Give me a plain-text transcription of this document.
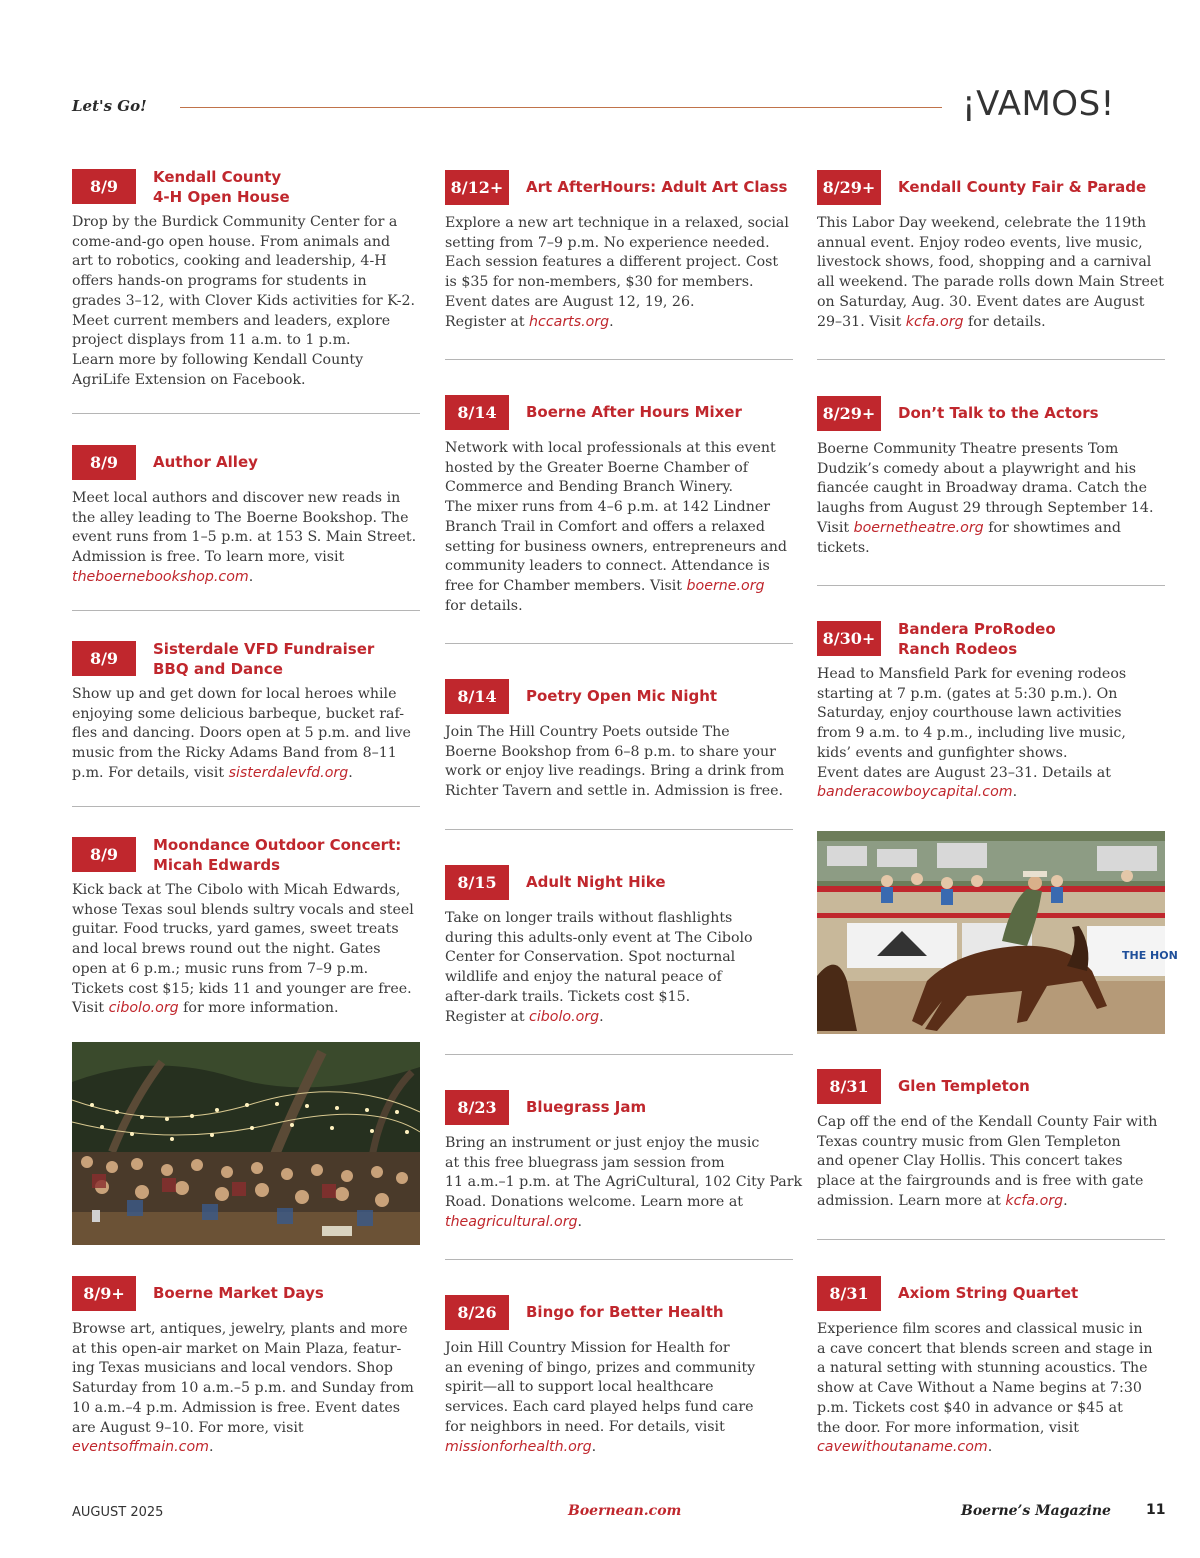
Let's Go!	¡VAMOS!
8/9	Kendall County
4-H Open House
Drop by the Burdick Community Center for a
come-and-go open house. From animals and
art to robotics, cooking and leadership, 4-H
offers hands-on programs for students in
grades 3–12, with Clover Kids activities for K-2.
Meet current members and leaders, explore
project displays from 11 a.m. to 1 p.m.
Learn more by following Kendall County
AgriLife Extension on Facebook.
8/9	Author Alley
Meet local authors and discover new reads in
the alley leading to The Boerne Bookshop. The
event runs from 1–5 p.m. at 153 S. Main Street.
Admission is free. To learn more, visit
theboernebookshop.com.
8/9	Sisterdale VFD Fundraiser
BBQ and Dance
Show up and get down for local heroes while
enjoying some delicious barbeque, bucket raf-
fles and dancing. Doors open at 5 p.m. and live
music from the Ricky Adams Band from 8–11
p.m. For details, visit sisterdalevfd.org.
8/9	Moondance Outdoor Concert:
Micah Edwards
Kick back at The Cibolo with Micah Edwards,
whose Texas soul blends sultry vocals and steel
guitar. Food trucks, yard games, sweet treats
and local brews round out the night. Gates
open at 6 p.m.; music runs from 7–9 p.m.
Tickets cost $15; kids 11 and younger are free.
Visit cibolo.org for more information.
8/9+	Boerne Market Days
Browse art, antiques, jewelry, plants and more
at this open-air market on Main Plaza, featur-
ing Texas musicians and local vendors. Shop
Saturday from 10 a.m.–5 p.m. and Sunday from
10 a.m.–4 p.m. Admission is free. Event dates
are August 9–10. For more, visit
eventsoffmain.com.
8/12+	Art AfterHours: Adult Art Class
Explore a new art technique in a relaxed, social
setting from 7–9 p.m. No experience needed.
Each session features a different project. Cost
is $35 for non-members, $30 for members.
Event dates are August 12, 19, 26.
Register at hccarts.org.
8/14	Boerne After Hours Mixer
Network with local professionals at this event
hosted by the Greater Boerne Chamber of
Commerce and Bending Branch Winery.
The mixer runs from 4–6 p.m. at 142 Lindner
Branch Trail in Comfort and offers a relaxed
setting for business owners, entrepreneurs and
community leaders to connect. Attendance is
free for Chamber members. Visit boerne.org
for details.
8/14	Poetry Open Mic Night
Join The Hill Country Poets outside The
Boerne Bookshop from 6–8 p.m. to share your
work or enjoy live readings. Bring a drink from
Richter Tavern and settle in. Admission is free.
8/15	Adult Night Hike
Take on longer trails without flashlights
during this adults-only event at The Cibolo
Center for Conservation. Spot nocturnal
wildlife and enjoy the natural peace of
after-dark trails. Tickets cost $15.
Register at cibolo.org.
8/23	Bluegrass Jam
Bring an instrument or just enjoy the music
at this free bluegrass jam session from
11 a.m.–1 p.m. at The AgriCultural, 102 City Park
Road. Donations welcome. Learn more at
theagricultural.org.
8/26	Bingo for Better Health
Join Hill Country Mission for Health for
an evening of bingo, prizes and community
spirit—all to support local healthcare
services. Each card played helps fund care
for neighbors in need. For details, visit
missionforhealth.org.
8/29+	Kendall County Fair & Parade
This Labor Day weekend, celebrate the 119th
annual event. Enjoy rodeo events, live music,
livestock shows, food, shopping and a carnival
all weekend. The parade rolls down Main Street
on Saturday, Aug. 30. Event dates are August
29–31. Visit kcfa.org for details.
8/29+	Don’t Talk to the Actors
Boerne Community Theatre presents Tom
Dudzik’s comedy about a playwright and his
fiancée caught in Broadway drama. Catch the
laughs from August 29 through September 14.
Visit boernetheatre.org for showtimes and
tickets.
8/30+	Bandera ProRodeo
Ranch Rodeos
Head to Mansfield Park for evening rodeos
starting at 7 p.m. (gates at 5:30 p.m.). On
Saturday, enjoy courthouse lawn activities
from 9 a.m. to 4 p.m., including live music,
kids’ events and gunfighter shows.
Event dates are August 23–31. Details at
banderacowboycapital.com.
8/31	Glen Templeton
Cap off the end of the Kendall County Fair with
Texas country music from Glen Templeton
and opener Clay Hollis. This concert takes
place at the fairgrounds and is free with gate
admission. Learn more at kcfa.org.
8/31	Axiom String Quartet
Experience film scores and classical music in
a cave concert that blends screen and stage in
a natural setting with stunning acoustics. The
show at Cave Without a Name begins at 7:30
p.m. Tickets cost $40 in advance or $45 at
the door. For more information, visit
cavewithoutaname.com.
THE HON
AUGUST 2025	Boernean.com	Boerne’s Magazine	11
